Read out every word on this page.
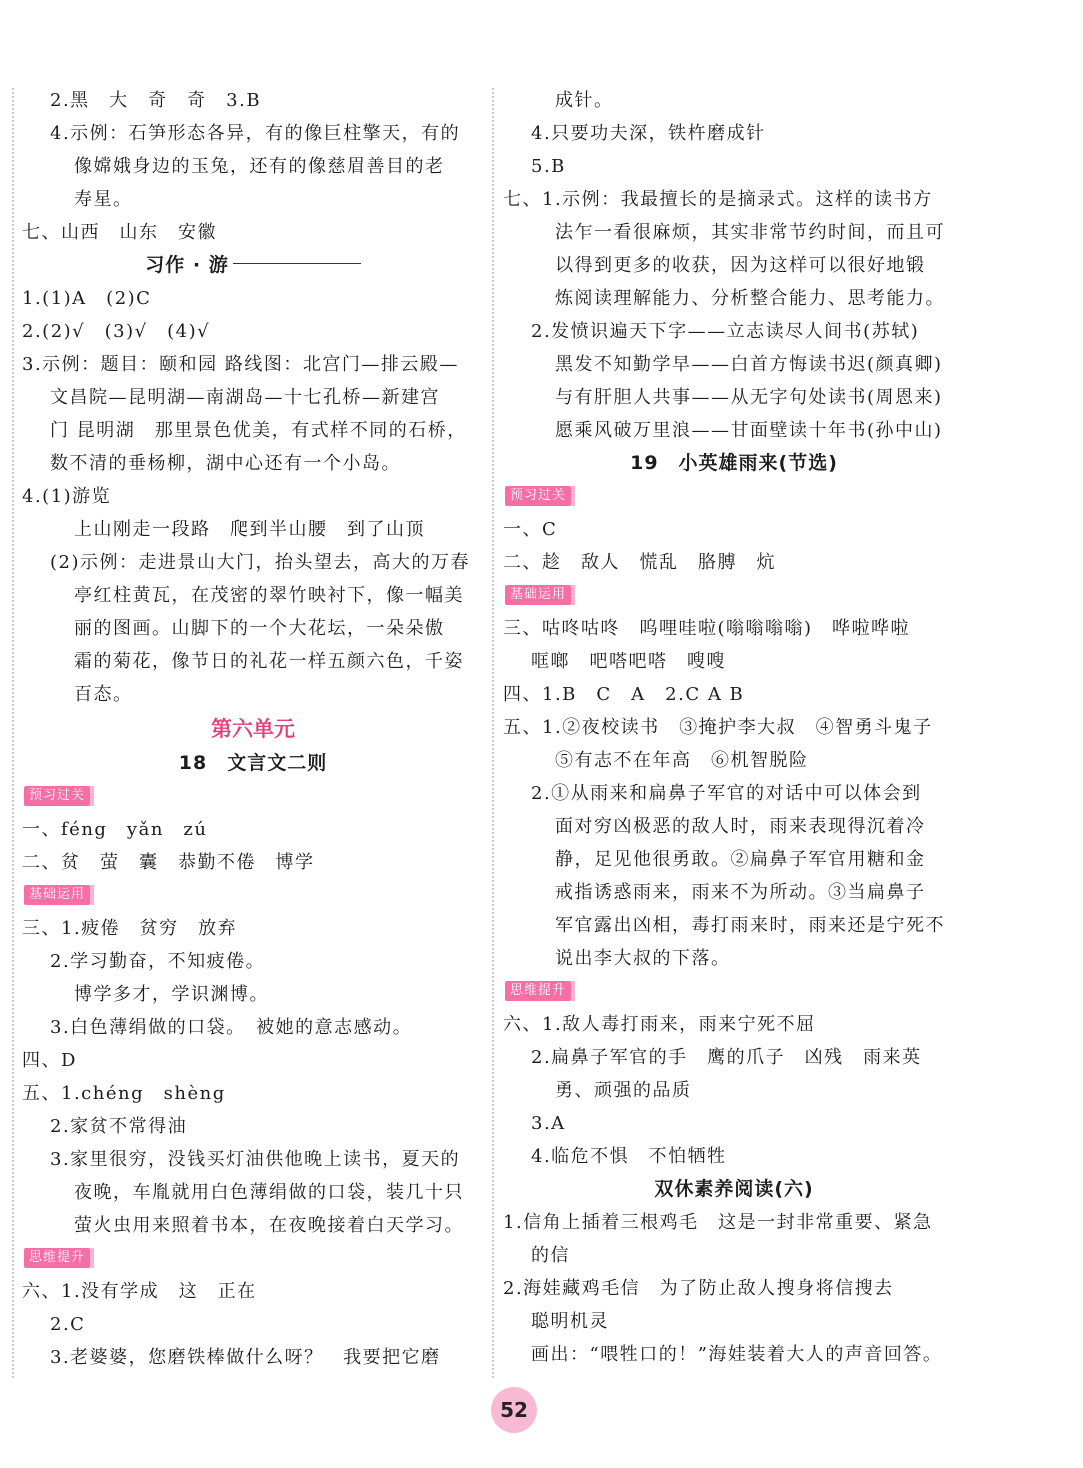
2.黑　大　奇　奇　3.B
4.示例：石笋形态各异，有的像巨柱擎天，有的
像嫦娥身边的玉兔，还有的像慈眉善目的老
寿星。
七、山西　山东　安徽
习作 · 游
1.(1)A　(2)C
2.(2)√　(3)√　(4)√
3.示例：题目：颐和园 路线图：北宫门—排云殿—
文昌院—昆明湖—南湖岛—十七孔桥—新建宫
门 昆明湖　那里景色优美，有式样不同的石桥，
数不清的垂杨柳，湖中心还有一个小岛。
4.(1)游览
上山刚走一段路　爬到半山腰　到了山顶
(2)示例：走进景山大门，抬头望去，高大的万春
亭红柱黄瓦，在茂密的翠竹映衬下，像一幅美
丽的图画。山脚下的一个大花坛，一朵朵傲
霜的菊花，像节日的礼花一样五颜六色，千姿
百态。
第六单元
18　文言文二则
预习过关
一、féng　yǎn　zú
二、贫　萤　囊　恭勤不倦　博学
基础运用
三、1.疲倦　贫穷　放弃
2.学习勤奋，不知疲倦。
博学多才，学识渊博。
3.白色薄绢做的口袋。　被她的意志感动。
四、D
五、1.chéng　shèng
2.家贫不常得油
3.家里很穷，没钱买灯油供他晚上读书，夏天的
夜晚，车胤就用白色薄绢做的口袋，装几十只
萤火虫用来照着书本，在夜晚接着白天学习。
思维提升
六、1.没有学成　这　正在
2.C
3.老婆婆，您磨铁棒做什么呀？　我要把它磨
成针。
4.只要功夫深，铁杵磨成针
5.B
七、1.示例：我最擅长的是摘录式。这样的读书方
法乍一看很麻烦，其实非常节约时间，而且可
以得到更多的收获，因为这样可以很好地锻
炼阅读理解能力、分析整合能力、思考能力。
2.发愤识遍天下字——立志读尽人间书(苏轼)
黑发不知勤学早——白首方悔读书迟(颜真卿)
与有肝胆人共事——从无字句处读书(周恩来)
愿乘风破万里浪——甘面壁读十年书(孙中山)
19　小英雄雨来(节选)
预习过关
一、C
二、趁　敌人　慌乱　胳膊　炕
基础运用
三、咕咚咕咚　呜哩哇啦(嗡嗡嗡嗡)　哗啦哗啦
哐啷　吧嗒吧嗒　嗖嗖
四、1.B　C　A　2.C A B
五、1.②夜校读书　③掩护李大叔　④智勇斗鬼子
⑤有志不在年高　⑥机智脱险
2.①从雨来和扁鼻子军官的对话中可以体会到
面对穷凶极恶的敌人时，雨来表现得沉着冷
静，足见他很勇敢。②扁鼻子军官用糖和金
戒指诱惑雨来，雨来不为所动。③当扁鼻子
军官露出凶相，毒打雨来时，雨来还是宁死不
说出李大叔的下落。
思维提升
六、1.敌人毒打雨来，雨来宁死不屈
2.扁鼻子军官的手　鹰的爪子　凶残　雨来英
勇、顽强的品质
3.A
4.临危不惧　不怕牺牲
双休素养阅读(六)
1.信角上插着三根鸡毛　这是一封非常重要、紧急
的信
2.海娃藏鸡毛信　为了防止敌人搜身将信搜去
聪明机灵
画出：“喂牲口的！”海娃装着大人的声音回答。
52
